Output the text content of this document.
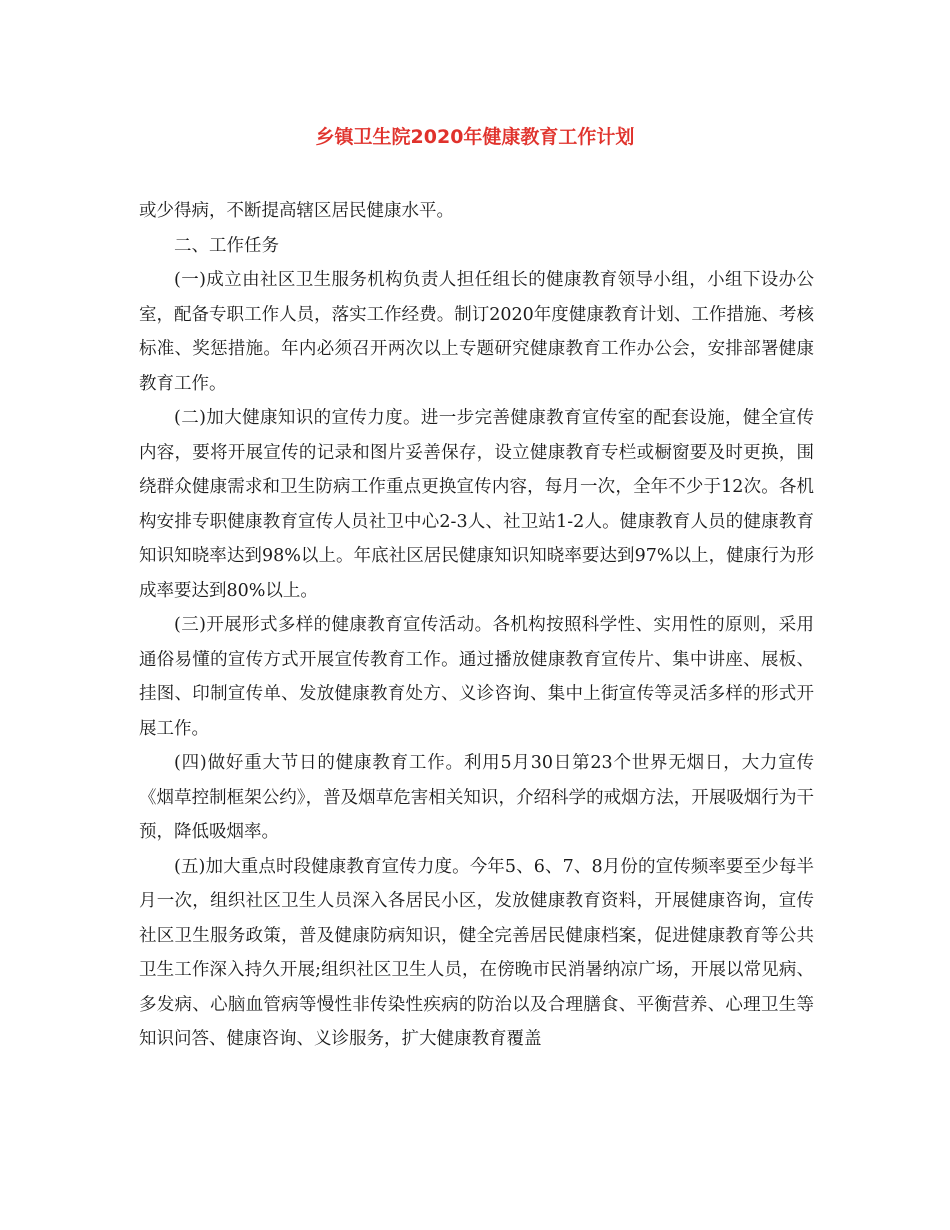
乡镇卫生院2020年健康教育工作计划

或少得病，不断提高辖区居民健康水平。

二、工作任务

(一)成立由社区卫生服务机构负责人担任组长的健康教育领导小组，小组下设办公室，配备专职工作人员，落实工作经费。制订2020年度健康教育计划、工作措施、考核标准、奖惩措施。年内必须召开两次以上专题研究健康教育工作办公会，安排部署健康教育工作。

(二)加大健康知识的宣传力度。进一步完善健康教育宣传室的配套设施，健全宣传内容，要将开展宣传的记录和图片妥善保存，设立健康教育专栏或橱窗要及时更换，围绕群众健康需求和卫生防病工作重点更换宣传内容，每月一次，全年不少于12次。各机构安排专职健康教育宣传人员社卫中心2-3人、社卫站1-2人。健康教育人员的健康教育知识知晓率达到98%以上。年底社区居民健康知识知晓率要达到97%以上，健康行为形成率要达到80%以上。

(三)开展形式多样的健康教育宣传活动。各机构按照科学性、实用性的原则，采用通俗易懂的宣传方式开展宣传教育工作。通过播放健康教育宣传片、集中讲座、展板、挂图、印制宣传单、发放健康教育处方、义诊咨询、集中上街宣传等灵活多样的形式开展工作。

(四)做好重大节日的健康教育工作。利用5月30日第23个世界无烟日，大力宣传《烟草控制框架公约》，普及烟草危害相关知识，介绍科学的戒烟方法，开展吸烟行为干预，降低吸烟率。

(五)加大重点时段健康教育宣传力度。今年5、6、7、8月份的宣传频率要至少每半月一次，组织社区卫生人员深入各居民小区，发放健康教育资料，开展健康咨询，宣传社区卫生服务政策，普及健康防病知识，健全完善居民健康档案，促进健康教育等公共卫生工作深入持久开展;组织社区卫生人员，在傍晚市民消暑纳凉广场，开展以常见病、多发病、心脑血管病等慢性非传染性疾病的防治以及合理膳食、平衡营养、心理卫生等知识问答、健康咨询、义诊服务，扩大健康教育覆盖
